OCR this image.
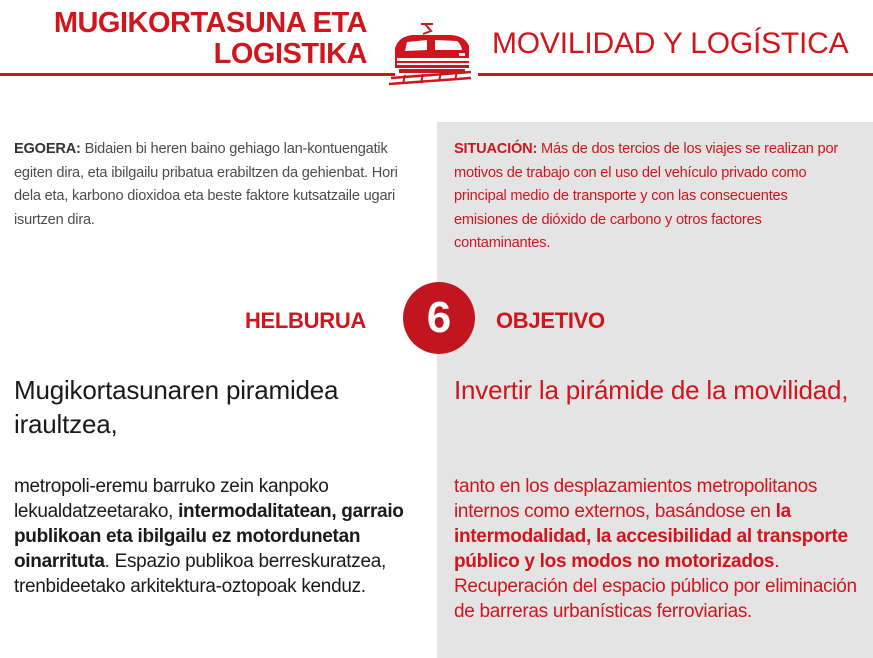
MUGIKORTASUNA ETA
LOGISTIKA	MOVILIDAD Y LOGÍSTICA
EGOERA: Bidaien bi heren baino gehiago lan-kontuengatik egiten dira, eta ibilgailu pribatua erabiltzen da gehienbat. Hori dela eta, karbono dioxidoa eta beste faktore kutsatzaile ugari isurtzen dira.
SITUACIÓN: Más de dos tercios de los viajes se realizan por motivos de trabajo con el uso del vehículo privado como principal medio de transporte y con las consecuentes emisiones de dióxido de carbono y otros factores contaminantes.
HELBURUA	6	OBJETIVO
Mugikortasunaren piramidea iraultzea,
Invertir la pirámide de la movilidad,
metropoli-eremu barruko zein kanpoko lekualdatzeetarako, intermodalitatean, garraio publikoan eta ibilgailu ez motordunetan oinarrituta. Espazio publikoa berreskuratzea, trenbideetako arkitektura-oztopoak kenduz.
tanto en los desplazamientos metropolitanos internos como externos, basándose en la intermodalidad, la accesibilidad al transporte público y los modos no motorizados. Recuperación del espacio público por eliminación de barreras urbanísticas ferroviarias.
